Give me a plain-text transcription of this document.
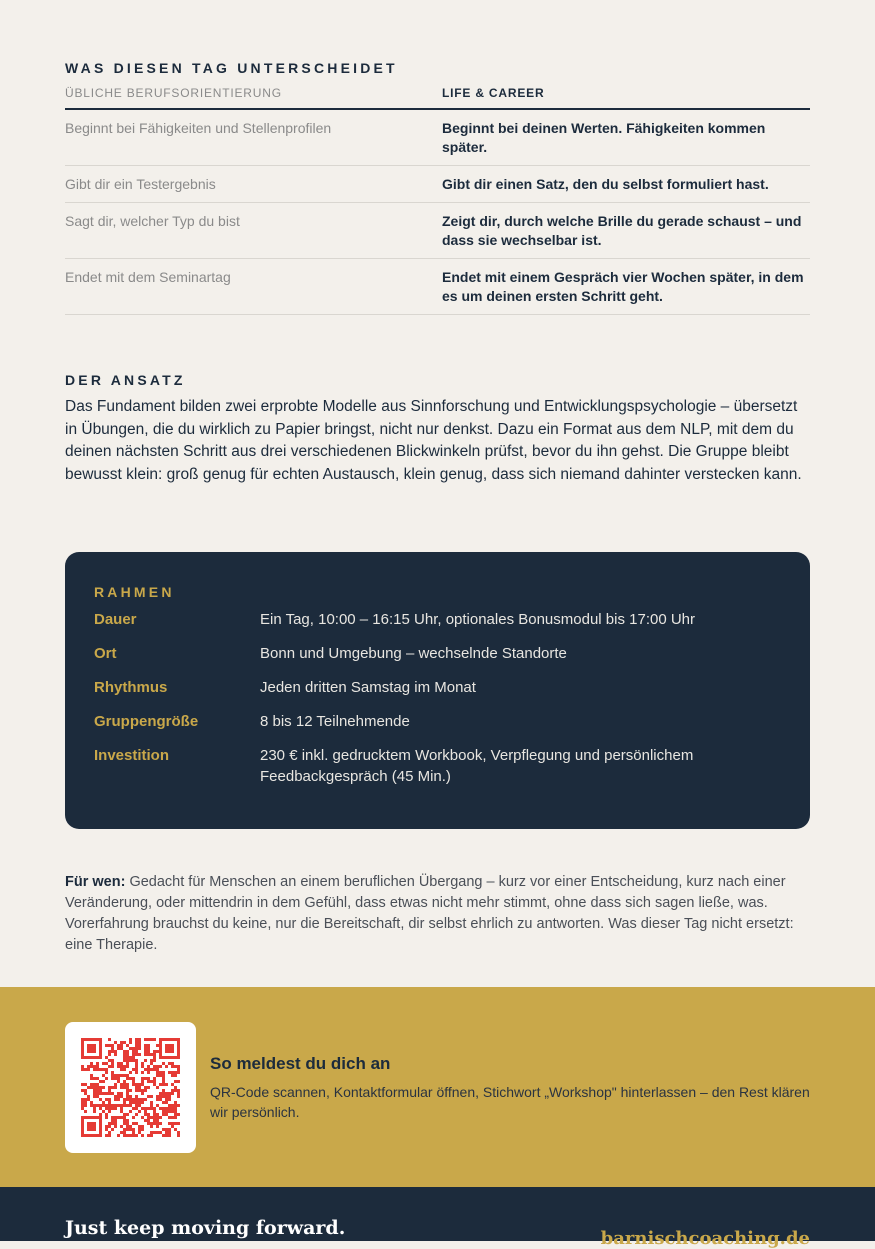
WAS DIESEN TAG UNTERSCHEIDET
ÜBLICHE BERUFSORIENTIERUNG	LIFE & CAREER
Beginnt bei Fähigkeiten und Stellenprofilen	Beginnt bei deinen Werten. Fähigkeiten kommen später.
Gibt dir ein Testergebnis	Gibt dir einen Satz, den du selbst formuliert hast.
Sagt dir, welcher Typ du bist	Zeigt dir, durch welche Brille du gerade schaust – und dass sie wechselbar ist.
Endet mit dem Seminartag	Endet mit einem Gespräch vier Wochen später, in dem es um deinen ersten Schritt geht.
DER ANSATZ

Das Fundament bilden zwei erprobte Modelle aus Sinnforschung und Entwicklungspsychologie – übersetzt in Übungen, die du wirklich zu Papier bringst, nicht nur denkst. Dazu ein Format aus dem NLP, mit dem du deinen nächsten Schritt aus drei verschiedenen Blickwinkeln prüfst, bevor du ihn gehst. Die Gruppe bleibt bewusst klein: groß genug für echten Austausch, klein genug, dass sich niemand dahinter verstecken kann.

RAHMEN
Dauer	Ein Tag, 10:00 – 16:15 Uhr, optionales Bonusmodul bis 17:00 Uhr
Ort	Bonn und Umgebung – wechselnde Standorte
Rhythmus	Jeden dritten Samstag im Monat
Gruppengröße	8 bis 12 Teilnehmende
Investition	230 € inkl. gedrucktem Workbook, Verpflegung und persönlichem Feedbackgespräch (45 Min.)
Für wen: Gedacht für Menschen an einem beruflichen Übergang – kurz vor einer Entscheidung, kurz nach einer Veränderung, oder mittendrin in dem Gefühl, dass etwas nicht mehr stimmt, ohne dass sich sagen ließe, was. Vorerfahrung brauchst du keine, nur die Bereitschaft, dir selbst ehrlich zu antworten. Was dieser Tag nicht ersetzt: eine Therapie.
So meldest du dich an
QR-Code scannen, Kontaktformular öffnen, Stichwort „Workshop" hinterlassen – den Rest klären wir persönlich.
Just keep moving forward.	barnischcoaching.de
